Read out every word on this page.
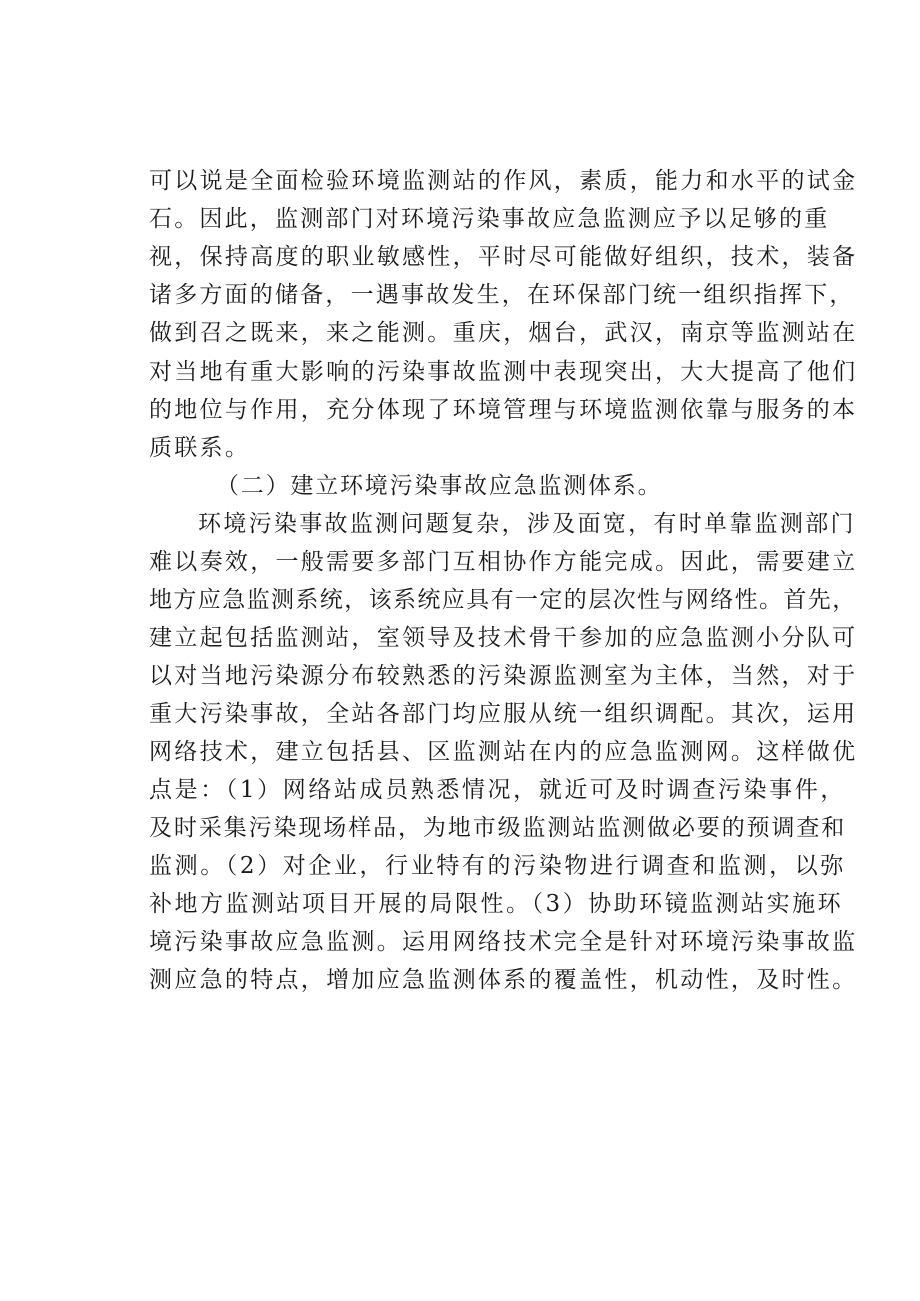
可以说是全面检验环境监测站的作风，素质，能力和水平的试金
石。因此，监测部门对环境污染事故应急监测应予以足够的重
视，保持高度的职业敏感性，平时尽可能做好组织，技术，装备
诸多方面的储备，一遇事故发生，在环保部门统一组织指挥下，
做到召之既来，来之能测。重庆，烟台，武汉，南京等监测站在
对当地有重大影响的污染事故监测中表现突出，大大提高了他们
的地位与作用，充分体现了环境管理与环境监测依靠与服务的本
质联系。
（二）建立环境污染事故应急监测体系。
环境污染事故监测问题复杂，涉及面宽，有时单靠监测部门
难以奏效，一般需要多部门互相协作方能完成。因此，需要建立
地方应急监测系统，该系统应具有一定的层次性与网络性。首先，
建立起包括监测站，室领导及技术骨干参加的应急监测小分队可
以对当地污染源分布较熟悉的污染源监测室为主体，当然，对于
重大污染事故，全站各部门均应服从统一组织调配。其次，运用
网络技术，建立包括县、区监测站在内的应急监测网。这样做优
点是：（1）网络站成员熟悉情况，就近可及时调查污染事件，
及时采集污染现场样品，为地市级监测站监测做必要的预调查和
监测。（2）对企业，行业特有的污染物进行调查和监测，以弥
补地方监测站项目开展的局限性。（3）协助环镜监测站实施环
境污染事故应急监测。运用网络技术完全是针对环境污染事故监
测应急的特点，增加应急监测体系的覆盖性，机动性，及时性。
